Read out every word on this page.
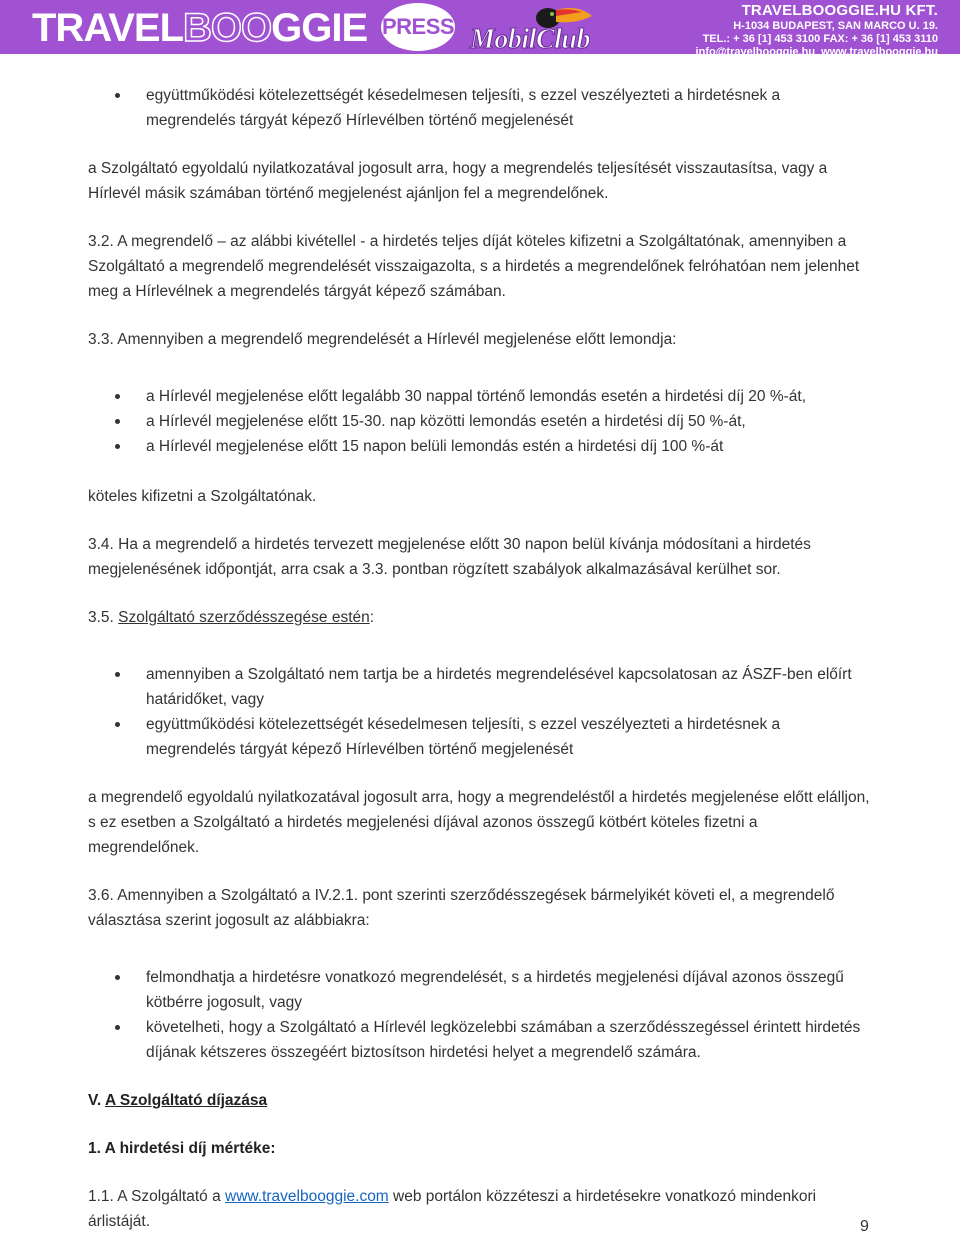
TRAVELBOOGGIE PRESS MobilClub
TRAVELBOOGGIE.HU KFT.
H-1034 BUDAPEST, SAN MARCO U. 19.
TEL.: + 36 [1] 453 3100 FAX: + 36 [1] 453 3110
info@travelbooggie.hu www.travelbooggie.hu
együttműködési kötelezettségét késedelmesen teljesíti, s ezzel veszélyezteti a hirdetésnek a megrendelés tárgyát képező Hírlevélben történő megjelenését

a Szolgáltató egyoldalú nyilatkozatával jogosult arra, hogy a megrendelés teljesítését visszautasítsa, vagy a Hírlevél másik számában történő megjelenést ajánljon fel a megrendelőnek.

3.2. A megrendelő – az alábbi kivétellel - a hirdetés teljes díját köteles kifizetni a Szolgáltatónak, amennyiben a Szolgáltató a megrendelő megrendelését visszaigazolta, s a hirdetés a megrendelőnek felróhatóan nem jelenhet meg a Hírlevélnek a megrendelés tárgyát képező számában.

3.3. Amennyiben a megrendelő megrendelését a Hírlevél megjelenése előtt lemondja:

a Hírlevél megjelenése előtt legalább 30 nappal történő lemondás esetén a hirdetési díj 20 %-át,
a Hírlevél megjelenése előtt 15-30. nap közötti lemondás esetén a hirdetési díj 50 %-át,
a Hírlevél megjelenése előtt 15 napon belüli lemondás estén a hirdetési díj 100 %-át

köteles kifizetni a Szolgáltatónak.

3.4. Ha a megrendelő a hirdetés tervezett megjelenése előtt 30 napon belül kívánja módosítani a hirdetés megjelenésének időpontját, arra csak a 3.3. pontban rögzített szabályok alkalmazásával kerülhet sor.

3.5. Szolgáltató szerződésszegése estén:

amennyiben a Szolgáltató nem tartja be a hirdetés megrendelésével kapcsolatosan az ÁSZF-ben előírt határidőket, vagy
együttműködési kötelezettségét késedelmesen teljesíti, s ezzel veszélyezteti a hirdetésnek a megrendelés tárgyát képező Hírlevélben történő megjelenését

a megrendelő egyoldalú nyilatkozatával jogosult arra, hogy a megrendeléstől a hirdetés megjelenése előtt elálljon, s ez esetben a Szolgáltató a hirdetés megjelenési díjával azonos összegű kötbért köteles fizetni a megrendelőnek.

3.6. Amennyiben a Szolgáltató a IV.2.1. pont szerinti szerződésszegések bármelyikét követi el, a megrendelő választása szerint jogosult az alábbiakra:

felmondhatja a hirdetésre vonatkozó megrendelését, s a hirdetés megjelenési díjával azonos összegű kötbérre jogosult, vagy
követelheti, hogy a Szolgáltató a Hírlevél legközelebbi számában a szerződésszegéssel érintett hirdetés díjának kétszeres összegéért biztosítson hirdetési helyet a megrendelő számára.

V. A Szolgáltató díjazása

1. A hirdetési díj mértéke:

1.1. A Szolgáltató a www.travelbooggie.com web portálon közzéteszi a hirdetésekre vonatkozó mindenkori árlistáját.	9
